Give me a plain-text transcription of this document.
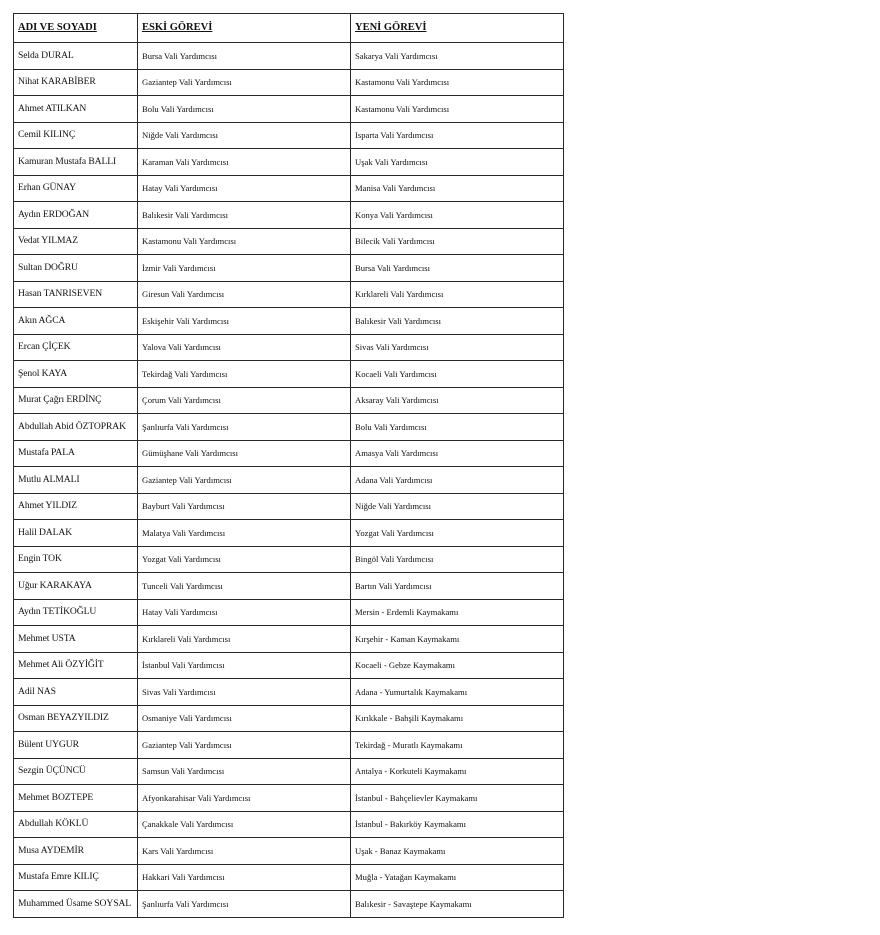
ADI VE SOYADI	ESKİ GÖREVİ	YENİ GÖREVİ
Selda DURAL	Bursa Vali Yardımcısı	Sakarya Vali Yardımcısı
Nihat KARABİBER	Gaziantep Vali Yardımcısı	Kastamonu Vali Yardımcısı
Ahmet ATILKAN	Bolu Vali Yardımcısı	Kastamonu Vali Yardımcısı
Cemil KILINÇ	Niğde Vali Yardımcısı	Isparta Vali Yardımcısı
Kamuran Mustafa BALLI	Karaman Vali Yardımcısı	Uşak Vali Yardımcısı
Erhan GÜNAY	Hatay Vali Yardımcısı	Manisa Vali Yardımcısı
Aydın ERDOĞAN	Balıkesir Vali Yardımcısı	Konya Vali Yardımcısı
Vedat YILMAZ	Kastamonu Vali Yardımcısı	Bilecik Vali Yardımcısı
Sultan DOĞRU	İzmir Vali Yardımcısı	Bursa Vali Yardımcısı
Hasan TANRISEVEN	Giresun Vali Yardımcısı	Kırklareli Vali Yardımcısı
Akın AĞCA	Eskişehir Vali Yardımcısı	Balıkesir Vali Yardımcısı
Ercan ÇİÇEK	Yalova Vali Yardımcısı	Sivas Vali Yardımcısı
Şenol KAYA	Tekirdağ Vali Yardımcısı	Kocaeli Vali Yardımcısı
Murat Çağrı ERDİNÇ	Çorum Vali Yardımcısı	Aksaray Vali Yardımcısı
Abdullah Abid ÖZTOPRAK	Şanlıurfa Vali Yardımcısı	Bolu Vali Yardımcısı
Mustafa PALA	Gümüşhane Vali Yardımcısı	Amasya Vali Yardımcısı
Mutlu ALMALI	Gaziantep Vali Yardımcısı	Adana Vali Yardımcısı
Ahmet YILDIZ	Bayburt Vali Yardımcısı	Niğde Vali Yardımcısı
Halil DALAK	Malatya Vali Yardımcısı	Yozgat Vali Yardımcısı
Engin TOK	Yozgat Vali Yardımcısı	Bingöl Vali Yardımcısı
Uğur KARAKAYA	Tunceli Vali Yardımcısı	Bartın Vali Yardımcısı
Aydın TETİKOĞLU	Hatay Vali Yardımcısı	Mersin - Erdemli Kaymakamı
Mehmet USTA	Kırklareli Vali Yardımcısı	Kırşehir - Kaman Kaymakamı
Mehmet Ali ÖZYİĞİT	İstanbul Vali Yardımcısı	Kocaeli - Gebze Kaymakamı
Adil NAS	Sivas Vali Yardımcısı	Adana - Yumurtalık Kaymakamı
Osman BEYAZYILDIZ	Osmaniye Vali Yardımcısı	Kırıkkale - Bahşili Kaymakamı
Bülent UYGUR	Gaziantep Vali Yardımcısı	Tekirdağ - Muratlı Kaymakamı
Sezgin ÜÇÜNCÜ	Samsun Vali Yardımcısı	Antalya - Korkuteli Kaymakamı
Mehmet BOZTEPE	Afyonkarahisar Vali Yardımcısı	İstanbul - Bahçelievler Kaymakamı
Abdullah KÖKLÜ	Çanakkale Vali Yardımcısı	İstanbul - Bakırköy Kaymakamı
Musa AYDEMİR	Kars Vali Yardımcısı	Uşak - Banaz Kaymakamı
Mustafa Emre KILIÇ	Hakkari Vali Yardımcısı	Muğla - Yatağan Kaymakamı
Muhammed Üsame SOYSAL	Şanlıurfa Vali Yardımcısı	Balıkesir - Savaştepe Kaymakamı
